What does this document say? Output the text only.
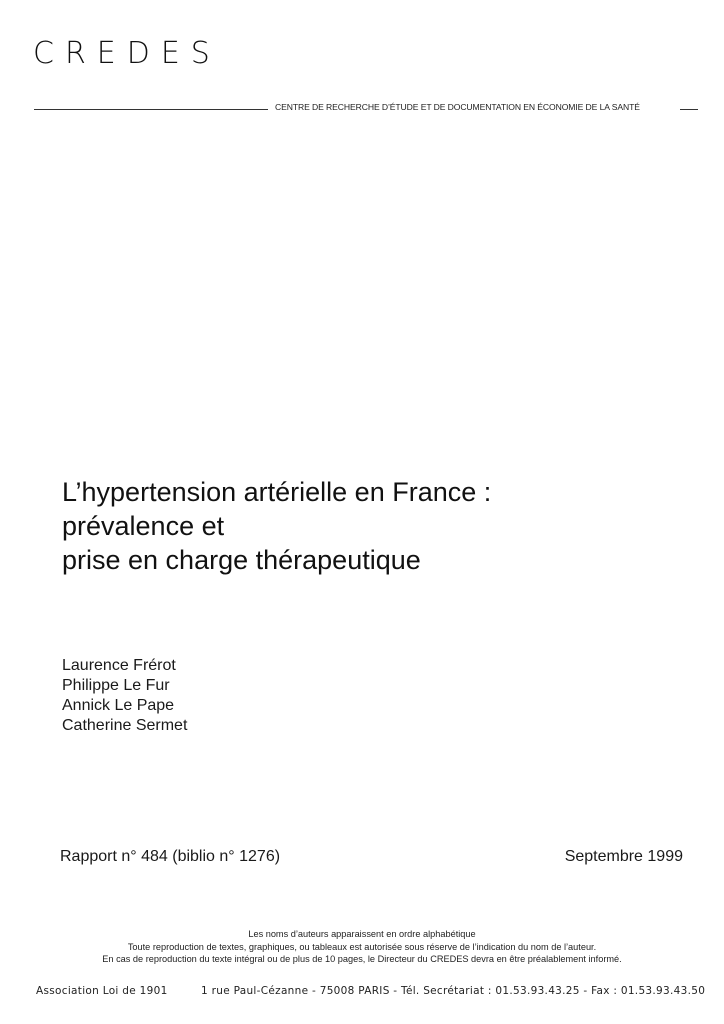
CREDES
CENTRE DE RECHERCHE D’ÉTUDE ET DE DOCUMENTATION EN ÉCONOMIE DE LA SANTÉ
L’hypertension artérielle en France :
prévalence et
prise en charge thérapeutique
Laurence Frérot
Philippe Le Fur
Annick Le Pape
Catherine Sermet
Rapport n° 484 (biblio n° 1276)	Septembre 1999
Les noms d’auteurs apparaissent en ordre alphabétique
Toute reproduction de textes, graphiques, ou tableaux est autorisée sous réserve de l’indication du nom de l’auteur.
En cas de reproduction du texte intégral ou de plus de 10 pages, le Directeur du CREDES devra en être préalablement informé.
Association Loi de 1901	1 rue Paul-Cézanne - 75008 PARIS - Tél. Secrétariat : 01.53.93.43.25 - Fax : 01.53.93.43.50
